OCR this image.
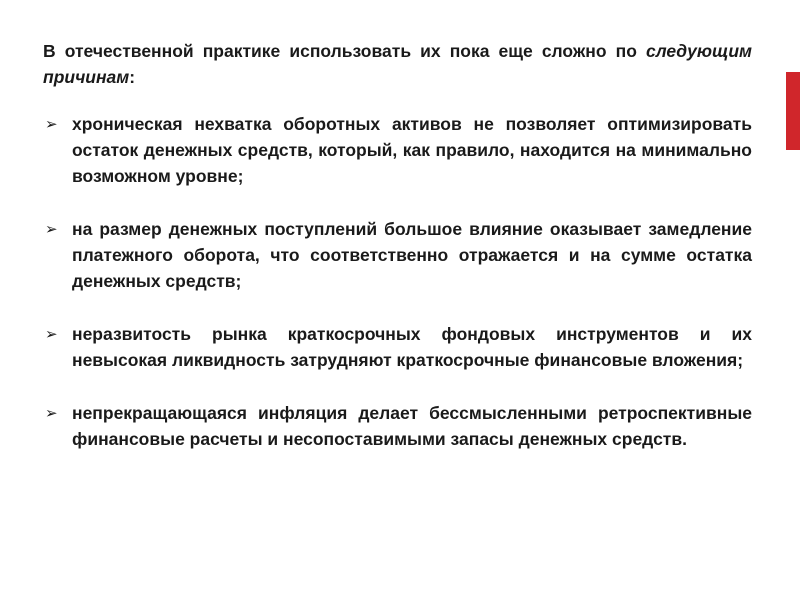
В отечественной практике использовать их пока еще сложно по следующим причинам:

➢ хроническая нехватка оборотных активов не позволяет оптимизировать остаток денежных средств, который, как правило, находится на минимально возможном уровне;
➢ на размер денежных поступлений большое влияние оказывает замедление платежного оборота, что соответственно отражается и на сумме остатка денежных средств;
➢ неразвитость рынка краткосрочных фондовых инструментов и их невысокая ликвидность затрудняют краткосрочные финансовые вложения;
➢ непрекращающаяся инфляция делает бессмысленными ретроспективные финансовые расчеты и несопоставимыми запасы денежных средств.
